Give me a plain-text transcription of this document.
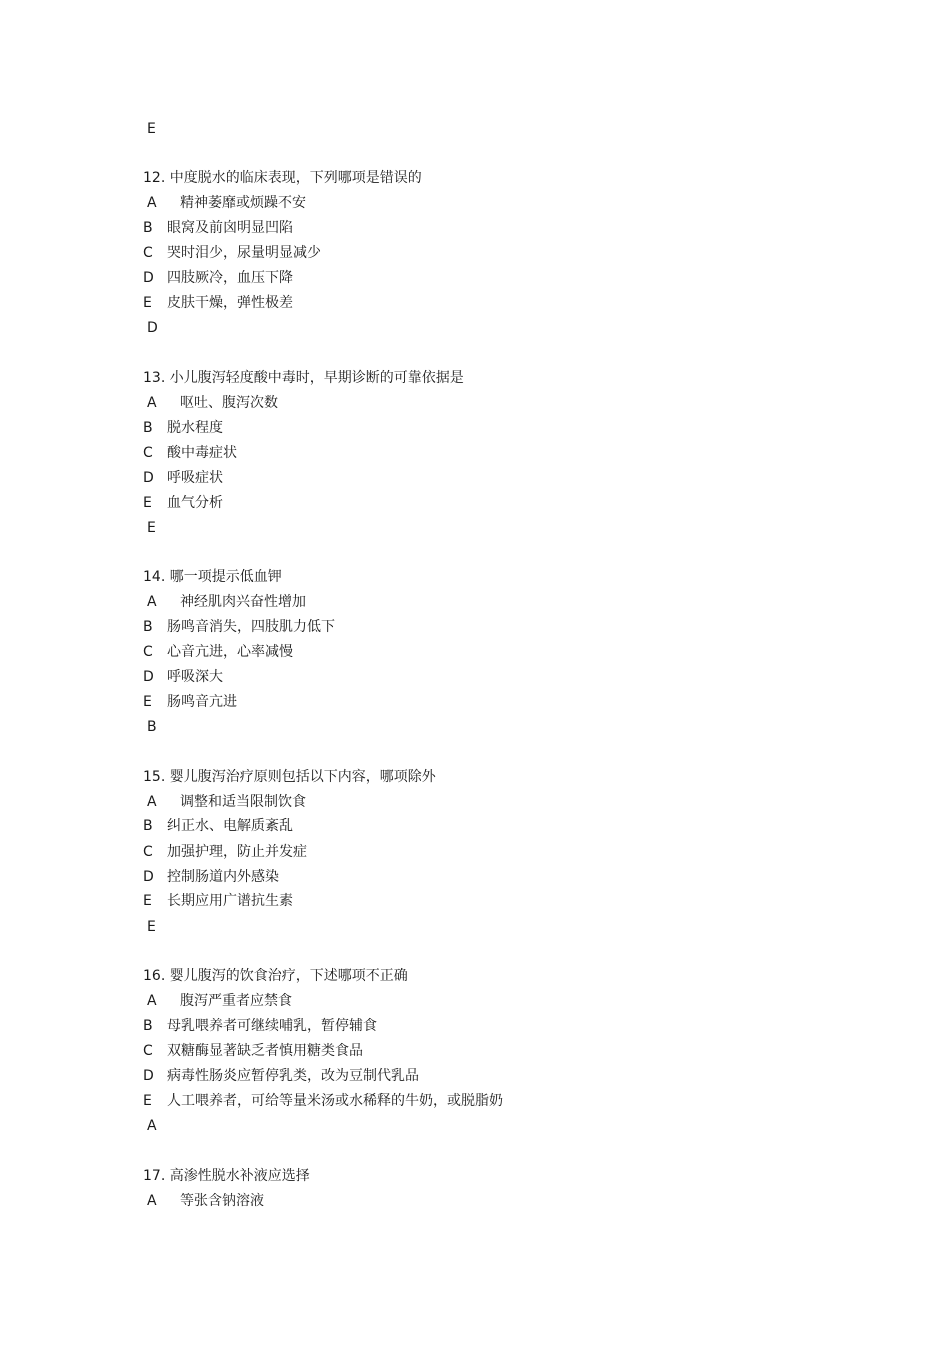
E
12. 中度脱水的临床表现，下列哪项是错误的
A 精神萎靡或烦躁不安
B 眼窝及前囟明显凹陷
C 哭时泪少，尿量明显减少
D 四肢厥冷，血压下降
E 皮肤干燥，弹性极差
D
13. 小儿腹泻轻度酸中毒时，早期诊断的可靠依据是
A 呕吐、腹泻次数
B 脱水程度
C 酸中毒症状
D 呼吸症状
E 血气分析
E
14. 哪一项提示低血钾
A 神经肌肉兴奋性增加
B 肠鸣音消失，四肢肌力低下
C 心音亢进，心率减慢
D 呼吸深大
E 肠鸣音亢进
B
15. 婴儿腹泻治疗原则包括以下内容，哪项除外
A 调整和适当限制饮食
B 纠正水、电解质紊乱
C 加强护理，防止并发症
D 控制肠道内外感染
E 长期应用广谱抗生素
E
16. 婴儿腹泻的饮食治疗，下述哪项不正确
A 腹泻严重者应禁食
B 母乳喂养者可继续哺乳，暂停辅食
C 双糖酶显著缺乏者慎用糖类食品
D 病毒性肠炎应暂停乳类，改为豆制代乳品
E 人工喂养者，可给等量米汤或水稀释的牛奶，或脱脂奶
A
17. 高渗性脱水补液应选择
A 等张含钠溶液
